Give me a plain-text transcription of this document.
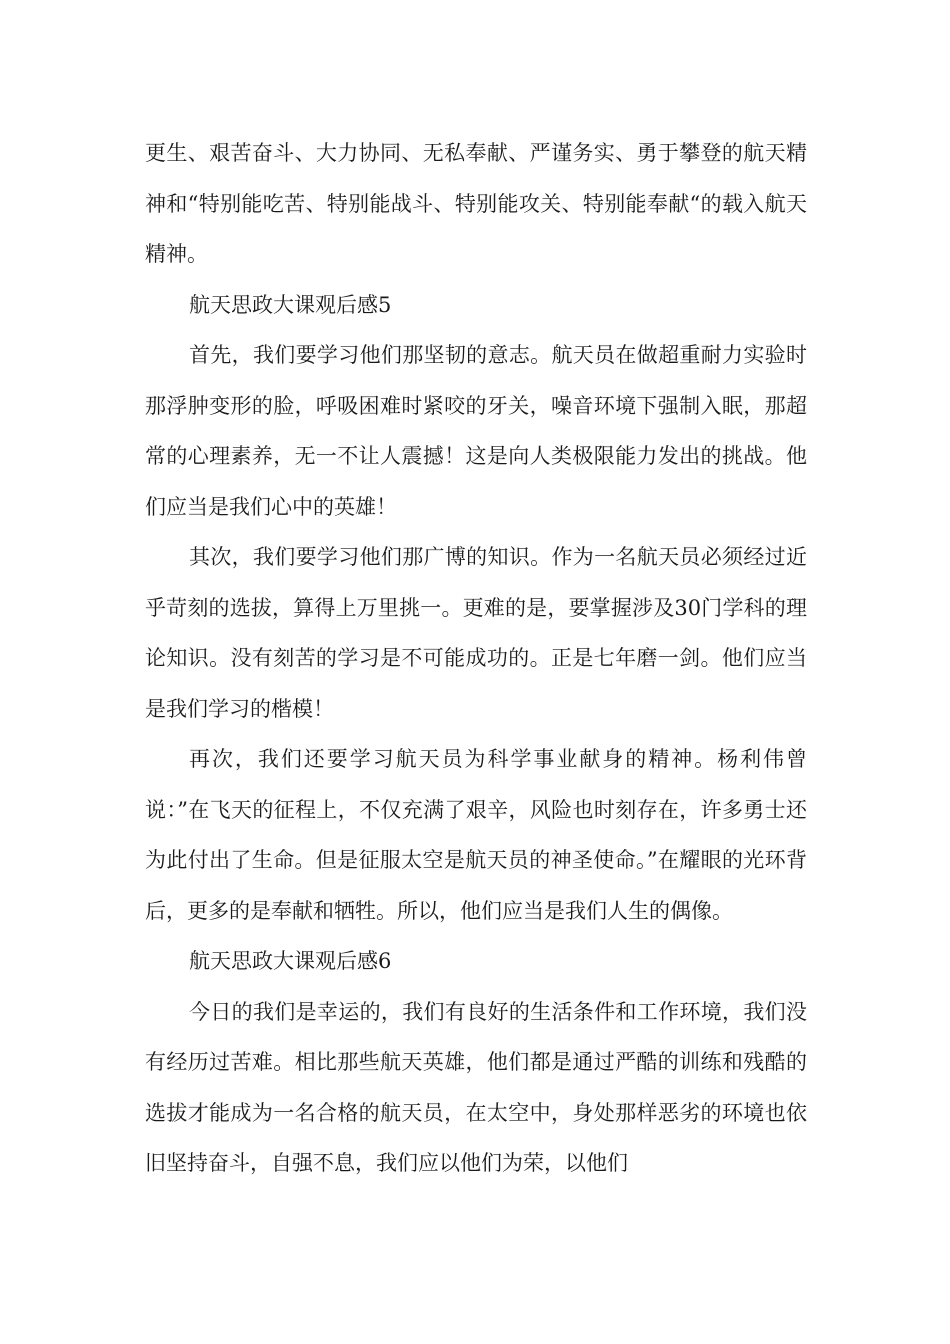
更生、艰苦奋斗、大力协同、无私奉献、严谨务实、勇于攀登的航天精神和“特别能吃苦、特别能战斗、特别能攻关、特别能奉献“的载入航天精神。

航天思政大课观后感5

首先，我们要学习他们那坚韧的意志。航天员在做超重耐力实验时那浮肿变形的脸，呼吸困难时紧咬的牙关，噪音环境下强制入眠，那超常的心理素养，无一不让人震撼！这是向人类极限能力发出的挑战。他们应当是我们心中的英雄！

其次，我们要学习他们那广博的知识。作为一名航天员必须经过近乎苛刻的选拔，算得上万里挑一。更难的是，要掌握涉及30门学科的理论知识。没有刻苦的学习是不可能成功的。正是七年磨一剑。他们应当是我们学习的楷模！

再次，我们还要学习航天员为科学事业献身的精神。杨利伟曾说：”在飞天的征程上，不仅充满了艰辛，风险也时刻存在，许多勇士还为此付出了生命。但是征服太空是航天员的神圣使命。”在耀眼的光环背后，更多的是奉献和牺牲。所以，他们应当是我们人生的偶像。

航天思政大课观后感6

今日的我们是幸运的，我们有良好的生活条件和工作环境，我们没有经历过苦难。相比那些航天英雄，他们都是通过严酷的训练和残酷的选拔才能成为一名合格的航天员，在太空中，身处那样恶劣的环境也依旧坚持奋斗，自强不息，我们应以他们为荣，以他们
